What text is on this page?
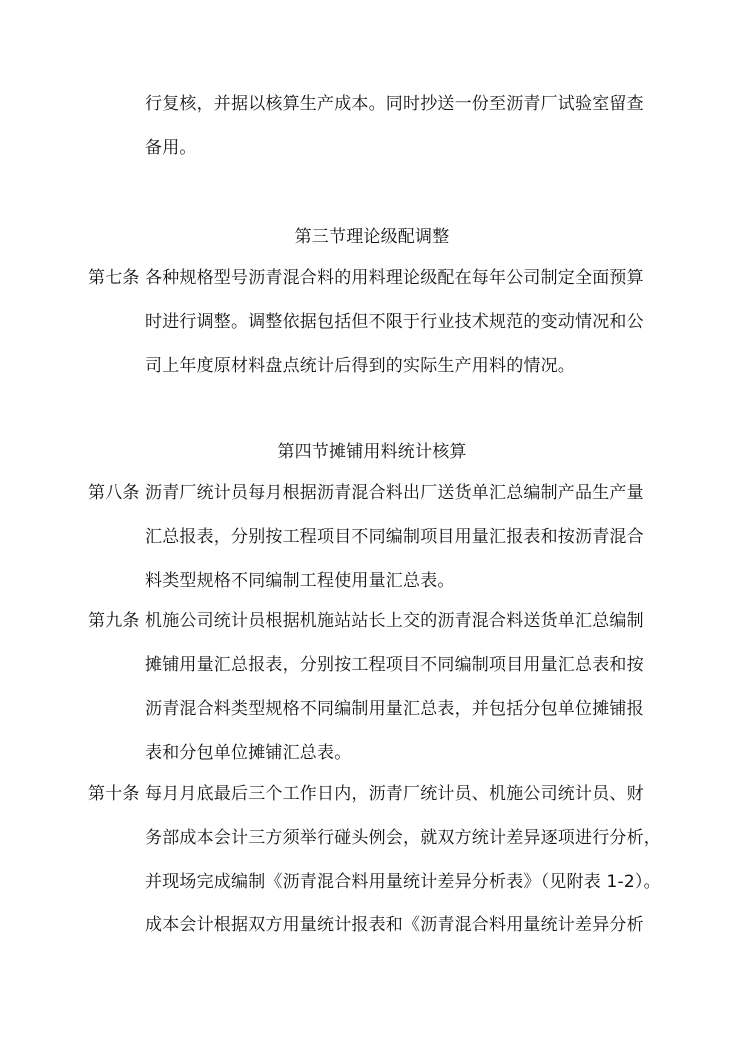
行复核，并据以核算生产成本。同时抄送一份至沥青厂试验室留查
备用。
第三节理论级配调整
第七条 各种规格型号沥青混合料的用料理论级配在每年公司制定全面预算
时进行调整。调整依据包括但不限于行业技术规范的变动情况和公
司上年度原材料盘点统计后得到的实际生产用料的情况。
第四节摊铺用料统计核算
第八条 沥青厂统计员每月根据沥青混合料出厂送货单汇总编制产品生产量
汇总报表，分别按工程项目不同编制项目用量汇报表和按沥青混合
料类型规格不同编制工程使用量汇总表。
第九条 机施公司统计员根据机施站站长上交的沥青混合料送货单汇总编制
摊铺用量汇总报表，分别按工程项目不同编制项目用量汇总表和按
沥青混合料类型规格不同编制用量汇总表，并包括分包单位摊铺报
表和分包单位摊铺汇总表。
第十条 每月月底最后三个工作日内，沥青厂统计员、机施公司统计员、财
务部成本会计三方须举行碰头例会，就双方统计差异逐项进行分析，
并现场完成编制《沥青混合料用量统计差异分析表》（见附表 1-2）。
成本会计根据双方用量统计报表和《沥青混合料用量统计差异分析
